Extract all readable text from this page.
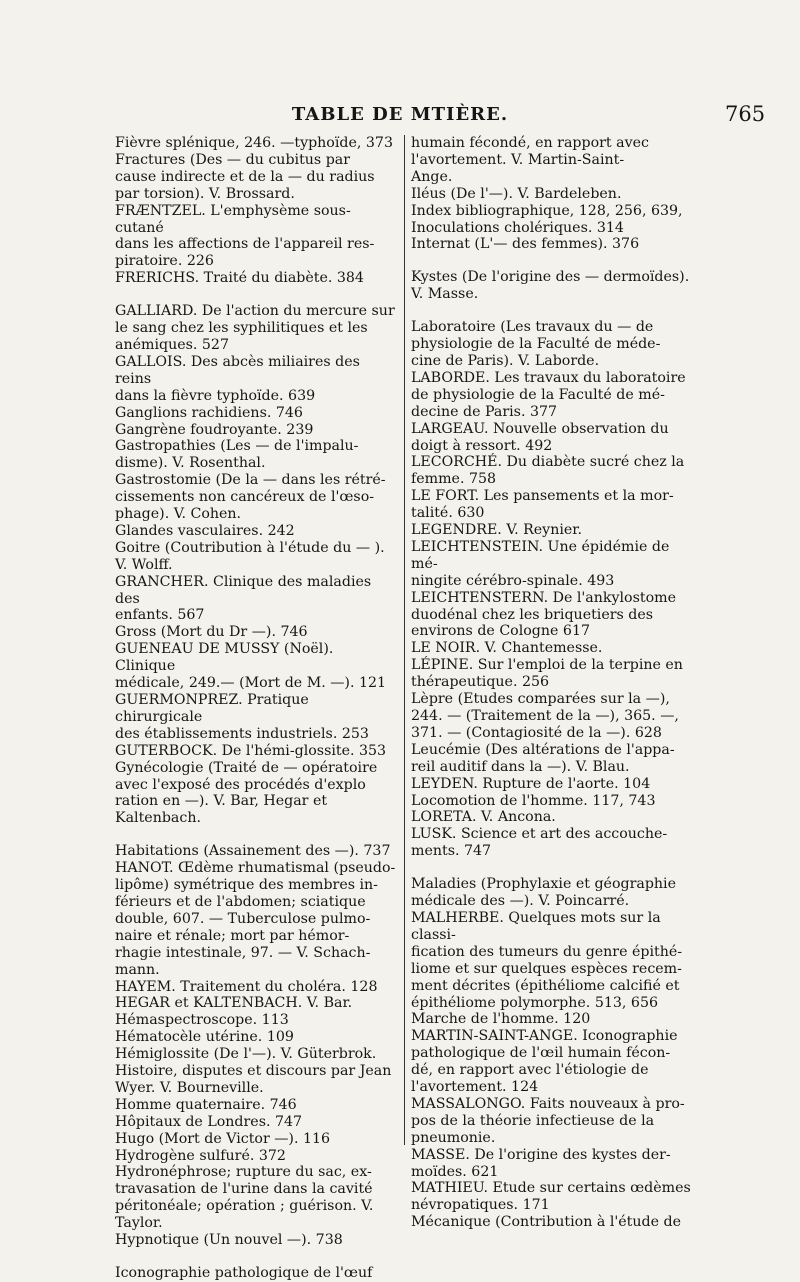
TABLE DE MTIÈRE.	765
Fièvre splénique, 246. —typhoïde, 373
Fractures (Des — du cubitus par
cause indirecte et de la — du radius
par torsion). V. Brossard.
FRÆNTZEL. L'emphysème sous-cutané
dans les affections de l'appareil res-
piratoire. 226
FRERICHS. Traité du diabète. 384
GALLIARD. De l'action du mercure sur
le sang chez les syphilitiques et les
anémiques. 527
GALLOIS. Des abcès miliaires des reins
dans la fièvre typhoïde. 639
Ganglions rachidiens. 746
Gangrène foudroyante. 239
Gastropathies (Les — de l'impalu-
disme). V. Rosenthal.
Gastrostomie (De la — dans les rétré-
cissements non cancéreux de l'œso-
phage). V. Cohen.
Glandes vasculaires. 242
Goitre (Coutribution à l'étude du — ).
V. Wolff.
GRANCHER. Clinique des maladies des
enfants. 567
Gross (Mort du Dr —). 746
GUENEAU DE MUSSY (Noël). Clinique
médicale, 249.— (Mort de M. —). 121
GUERMONPREZ. Pratique chirurgicale
des établissements industriels. 253
GUTERBOCK. De l'hémi-glossite. 353
Gynécologie (Traité de — opératoire
avec l'exposé des procédés d'explo
ration en —). V. Bar, Hegar et
Kaltenbach.
Habitations (Assainement des —). 737
HANOT. Œdème rhumatismal (pseudo-
lipôme) symétrique des membres in-
férieurs et de l'abdomen; sciatique
double, 607. — Tuberculose pulmo-
naire et rénale; mort par hémor-
rhagie intestinale, 97. — V. Schach-
mann.
HAYEM. Traitement du choléra. 128
HEGAR et KALTENBACH. V. Bar.
Hémaspectroscope. 113
Hématocèle utérine. 109
Hémiglossite (De l'—). V. Güterbrok.
Histoire, disputes et discours par Jean
Wyer. V. Bourneville.
Homme quaternaire. 746
Hôpitaux de Londres. 747
Hugo (Mort de Victor —). 116
Hydrogène sulfuré. 372
Hydronéphrose; rupture du sac, ex-
travasation de l'urine dans la cavité
péritonéale; opération ; guérison. V.
Taylor.
Hypnotique (Un nouvel —). 738
Iconographie pathologique de l'œuf
humain fécondé, en rapport avec
l'avortement. V. Martin-Saint-
Ange.
Iléus (De l'—). V. Bardeleben.
Index bibliographique, 128, 256, 639,
Inoculations cholériques. 314
Internat (L'— des femmes). 376
Kystes (De l'origine des — dermoïdes).
V. Masse.
Laboratoire (Les travaux du — de
physiologie de la Faculté de méde-
cine de Paris). V. Laborde.
LABORDE. Les travaux du laboratoire
de physiologie de la Faculté de mé-
decine de Paris. 377
LARGEAU. Nouvelle observation du
doigt à ressort. 492
LECORCHÉ. Du diabète sucré chez la
femme. 758
LE FORT. Les pansements et la mor-
talité. 630
LEGENDRE. V. Reynier.
LEICHTENSTEIN. Une épidémie de mé-
ningite cérébro-spinale. 493
LEICHTENSTERN. De l'ankylostome
duodénal chez les briquetiers des
environs de Cologne 617
LE NOIR. V. Chantemesse.
LÉPINE. Sur l'emploi de la terpine en
thérapeutique. 256
Lèpre (Etudes comparées sur la —),
244. — (Traitement de la —), 365. —,
371. — (Contagiosité de la —). 628
Leucémie (Des altérations de l'appa-
reil auditif dans la —). V. Blau.
LEYDEN. Rupture de l'aorte. 104
Locomotion de l'homme. 117, 743
LORETA. V. Ancona.
LUSK. Science et art des accouche-
ments. 747
Maladies (Prophylaxie et géographie
médicale des —). V. Poincarré.
MALHERBE. Quelques mots sur la classi-
fication des tumeurs du genre épithé-
liome et sur quelques espèces recem-
ment décrites (épithéliome calcifié et
épithéliome polymorphe. 513, 656
Marche de l'homme. 120
MARTIN-SAINT-ANGE. Iconographie
pathologique de l'œil humain fécon-
dé, en rapport avec l'étiologie de
l'avortement. 124
MASSALONGO. Faits nouveaux à pro-
pos de la théorie infectieuse de la
pneumonie.
MASSE. De l'origine des kystes der-
moïdes. 621
MATHIEU. Etude sur certains œdèmes
névropatiques. 171
Mécanique (Contribution à l'étude de
